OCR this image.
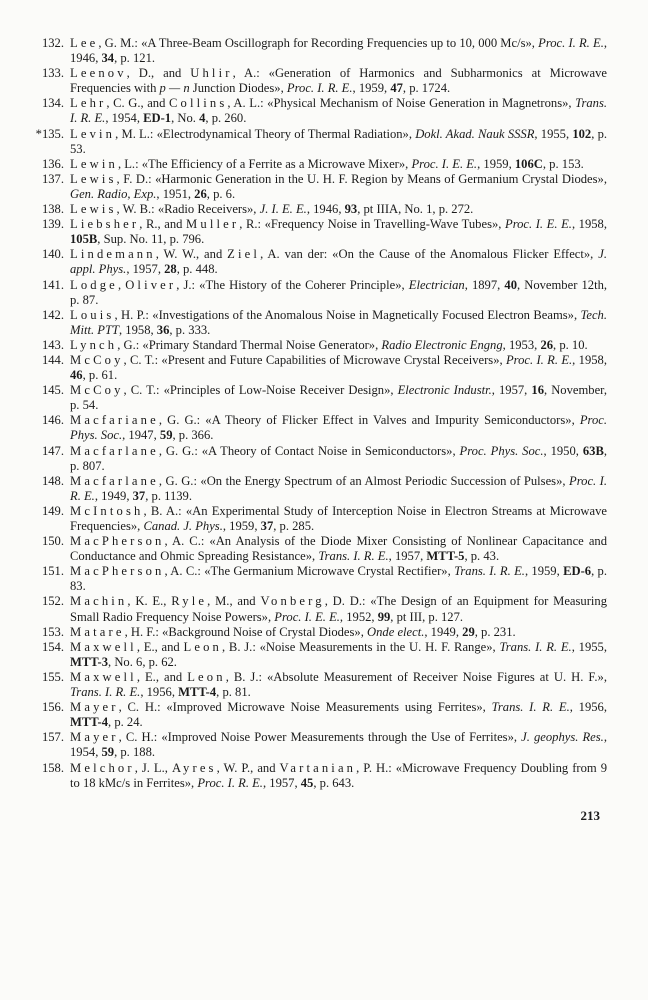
132. Lee, G. M.: «A Three-Beam Oscillograph for Recording Frequencies up to 10, 000 Mc/s», Proc. I. R. E., 1946, 34, p. 121.
133. Leenov, D., and Uhlir, A.: «Generation of Harmonics and Subharmonics at Microwave Frequencies with p — n Junction Diodes», Proc. I. R. E., 1959, 47, p. 1724.
134. Lehr, C. G., and Collins, A. L.: «Physical Mechanism of Noise Generation in Magnetrons», Trans. I. R. E., 1954, ED-1, No. 4, p. 260.
*135. Levin, M. L.: «Electrodynamical Theory of Thermal Radiation», Dokl. Akad. Nauk SSSR, 1955, 102, p. 53.
136. Lewin, L.: «The Efficiency of a Ferrite as a Microwave Mixer», Proc. I. E. E., 1959, 106C, p. 153.
137. Lewis, F. D.: «Harmonic Generation in the U. H. F. Region by Means of Germanium Crystal Diodes», Gen. Radio, Exp., 1951, 26, p. 6.
138. Lewis, W. B.: «Radio Receivers», J. I. E. E., 1946, 93, pt IIIA, No. 1, p. 272.
139. Liebsher, R., and Muller, R.: «Frequency Noise in Travelling-Wave Tubes», Proc. I. E. E., 1958, 105B, Sup. No. 11, p. 796.
140. Lindemann, W. W., and Ziel, A. van der: «On the Cause of the Anomalous Flicker Effect», J. appl. Phys., 1957, 28, p. 448.
141. Lodge, Oliver, J.: «The History of the Coherer Principle», Electrician, 1897, 40, November 12th, p. 87.
142. Louis, H. P.: «Investigations of the Anomalous Noise in Magnetically Focused Electron Beams», Tech. Mitt. PTT, 1958, 36, p. 333.
143. Lynch, G.: «Primary Standard Thermal Noise Generator», Radio Electronic Engng, 1953, 26, p. 10.
144. McCoy, C. T.: «Present and Future Capabilities of Microwave Crystal Receivers», Proc. I. R. E., 1958, 46, p. 61.
145. McCoy, C. T.: «Principles of Low-Noise Receiver Design», Electronic Industr., 1957, 16, November, p. 54.
146. Macfariane, G. G.: «A Theory of Flicker Effect in Valves and Impurity Semiconductors», Proc. Phys. Soc., 1947, 59, p. 366.
147. Macfarlane, G. G.: «A Theory of Contact Noise in Semiconductors», Proc. Phys. Soc., 1950, 63B, p. 807.
148. Macfarlane, G. G.: «On the Energy Spectrum of an Almost Periodic Succession of Pulses», Proc. I. R. E., 1949, 37, p. 1139.
149. McIntosh, B. A.: «An Experimental Study of Interception Noise in Electron Streams at Microwave Frequencies», Canad. J. Phys., 1959, 37, p. 285.
150. MacPherson, A. C.: «An Analysis of the Diode Mixer Consisting of Nonlinear Capacitance and Conductance and Ohmic Spreading Resistance», Trans. I. R. E., 1957, MTT-5, p. 43.
151. MacPherson, A. C.: «The Germanium Microwave Crystal Rectifier», Trans. I. R. E., 1959, ED-6, p. 83.
152. Machin, K. E., Ryle, M., and Vonberg, D. D.: «The Design of an Equipment for Measuring Small Radio Frequency Noise Powers», Proc. I. E. E., 1952, 99, pt III, p. 127.
153. Matare, H. F.: «Background Noise of Crystal Diodes», Onde elect., 1949, 29, p. 231.
154. Maxwell, E., and Leon, B. J.: «Noise Measurements in the U. H. F. Range», Trans. I. R. E., 1955, MTT-3, No. 6, p. 62.
155. Maxwell, E., and Leon, B. J.: «Absolute Measurement of Receiver Noise Figures at U. H. F.», Trans. I. R. E., 1956, MTT-4, p. 81.
156. Mayer, C. H.: «Improved Microwave Noise Measurements using Ferrites», Trans. I. R. E., 1956, MTT-4, p. 24.
157. Mayer, C. H.: «Improved Noise Power Measurements through the Use of Ferrites», J. geophys. Res., 1954, 59, p. 188.
158. Melchor, J. L., Ayres, W. P., and Vartanian, P. H.: «Microwave Frequency Doubling from 9 to 18 kMc/s in Ferrites», Proc. I. R. E., 1957, 45, p. 643.
213
